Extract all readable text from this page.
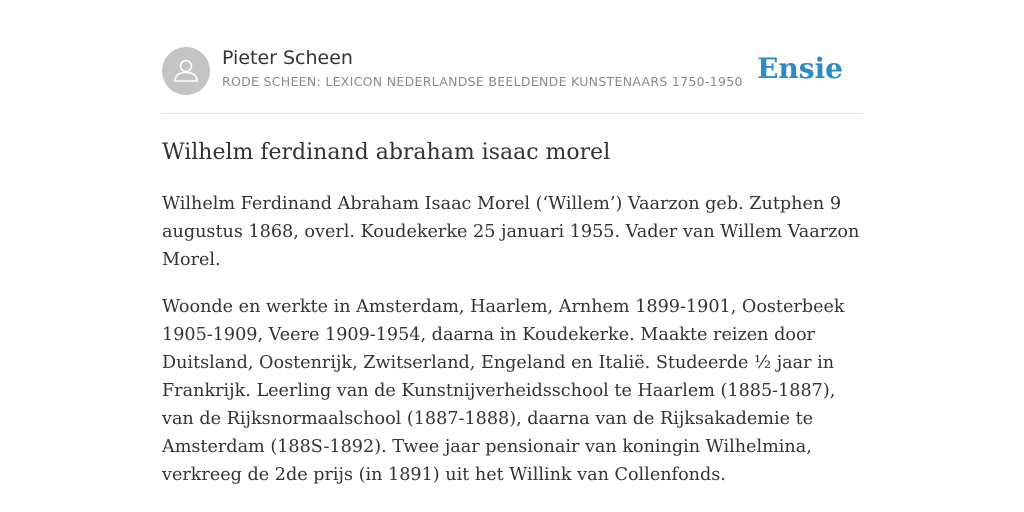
Pieter Scheen
RODE SCHEEN: LEXICON NEDERLANDSE BEELDENDE KUNSTENAARS 1750-1950 Ensie
Wilhelm ferdinand abraham isaac morel

Wilhelm Ferdinand Abraham Isaac Morel (‘Willem’) Vaarzon geb. Zutphen 9 augustus 1868, overl. Koudekerke 25 januari 1955. Vader van Willem Vaarzon Morel.

Woonde en werkte in Amsterdam, Haarlem, Arnhem 1899-1901, Oosterbeek 1905-1909, Veere 1909-1954, daarna in Koudekerke. Maakte reizen door Duitsland, Oostenrijk, Zwitserland, Engeland en Italië. Studeerde ½ jaar in Frankrijk. Leerling van de Kunstnijverheidsschool te Haarlem (1885-1887), van de Rijksnormaalschool (1887-1888), daarna van de Rijksakademie te Amsterdam (188S-1892). Twee jaar pensionair van koningin Wilhelmina, verkreeg de 2de prijs (in 1891) uit het Willink van Collenfonds.
